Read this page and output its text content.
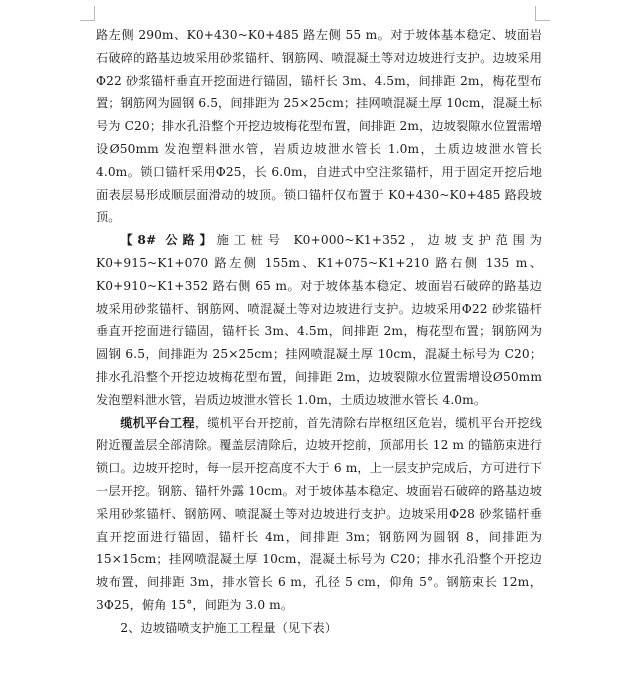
路左侧 290m、K0+430~K0+485 路左侧 55 m。对于坡体基本稳定、坡面岩石破碎的路基边坡采用砂浆锚杆、钢筋网、喷混凝土等对边坡进行支护。边坡采用Φ22 砂浆锚杆垂直开挖面进行锚固，锚杆长 3m、4.5m，间排距 2m，梅花型布置；钢筋网为圆钢 6.5，间排距为 25×25cm；挂网喷混凝土厚 10cm，混凝土标号为 C20；排水孔沿整个开挖边坡梅花型布置，间排距 2m，边坡裂隙水位置需增设Ø50mm 发泡塑料泄水管，岩质边坡泄水管长 1.0m，土质边坡泄水管长 4.0m。锁口锚杆采用Φ25，长 6.0m，自进式中空注浆锚杆，用于固定开挖后地面表层易形成顺层面滑动的坡顶。锁口锚杆仅布置于 K0+430~K0+485 路段坡顶。

【8# 公路】施工桩号 K0+000~K1+352，边坡支护范围为 K0+915~K1+070 路左侧 155m、K1+075~K1+210 路右侧 135 m、K0+910~K1+352 路右侧 65 m。对于坡体基本稳定、坡面岩石破碎的路基边坡采用砂浆锚杆、钢筋网、喷混凝土等对边坡进行支护。边坡采用Φ22 砂浆锚杆垂直开挖面进行锚固，锚杆长 3m、4.5m，间排距 2m，梅花型布置；钢筋网为圆钢 6.5，间排距为 25×25cm；挂网喷混凝土厚 10cm，混凝土标号为 C20；排水孔沿整个开挖边坡梅花型布置，间排距 2m，边坡裂隙水位置需增设Ø50mm 发泡塑料泄水管，岩质边坡泄水管长 1.0m，土质边坡泄水管长 4.0m。

缆机平台工程，缆机平台开挖前，首先清除右岸枢纽区危岩，缆机平台开挖线附近覆盖层全部清除。覆盖层清除后，边坡开挖前，顶部用长 12 m 的锚筋束进行锁口。边坡开挖时，每一层开挖高度不大于 6 m，上一层支护完成后，方可进行下一层开挖。钢筋、锚杆外露 10cm。对于坡体基本稳定、坡面岩石破碎的路基边坡采用砂浆锚杆、钢筋网、喷混凝土等对边坡进行支护。边坡采用Φ28 砂浆锚杆垂直开挖面进行锚固，锚杆长 4m，间排距 3m；钢筋网为圆钢 8，间排距为 15×15cm；挂网喷混凝土厚 10cm，混凝土标号为 C20；排水孔沿整个开挖边坡布置，间排距 3m，排水管长 6 m，孔径 5 cm，仰角 5°。钢筋束长 12m，3Φ25，俯角 15°，间距为 3.0 m。

2、边坡锚喷支护施工工程量（见下表）
